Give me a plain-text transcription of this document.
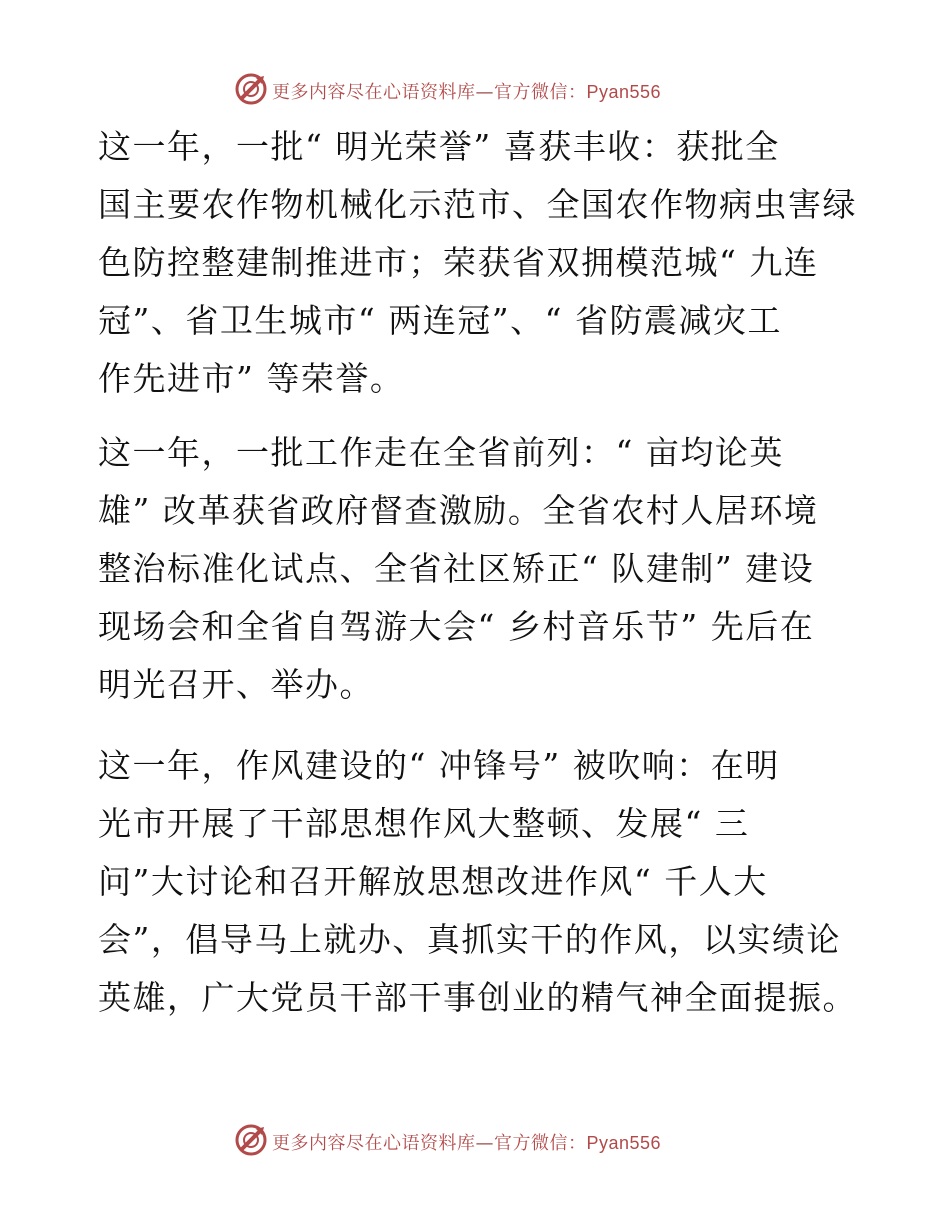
更多内容尽在心语资料库—官方微信：Pyan556

这一年，一批“ 明光荣誉” 喜获丰收：获批全
国主要农作物机械化示范市、全国农作物病虫害绿
色防控整建制推进市；荣获省双拥模范城“ 九连
冠”、省卫生城市“ 两连冠”、“ 省防震减灾工
作先进市” 等荣誉。

这一年，一批工作走在全省前列：“ 亩均论英
雄” 改革获省政府督查激励。全省农村人居环境
整治标准化试点、全省社区矫正“ 队建制” 建设
现场会和全省自驾游大会“ 乡村音乐节” 先后在
明光召开、举办。

这一年，作风建设的“ 冲锋号” 被吹响：在明
光市开展了干部思想作风大整顿、发展“ 三
问”大讨论和召开解放思想改进作风“ 千人大
会”，倡导马上就办、真抓实干的作风，以实绩论
英雄，广大党员干部干事创业的精气神全面提振。

更多内容尽在心语资料库—官方微信：Pyan556
